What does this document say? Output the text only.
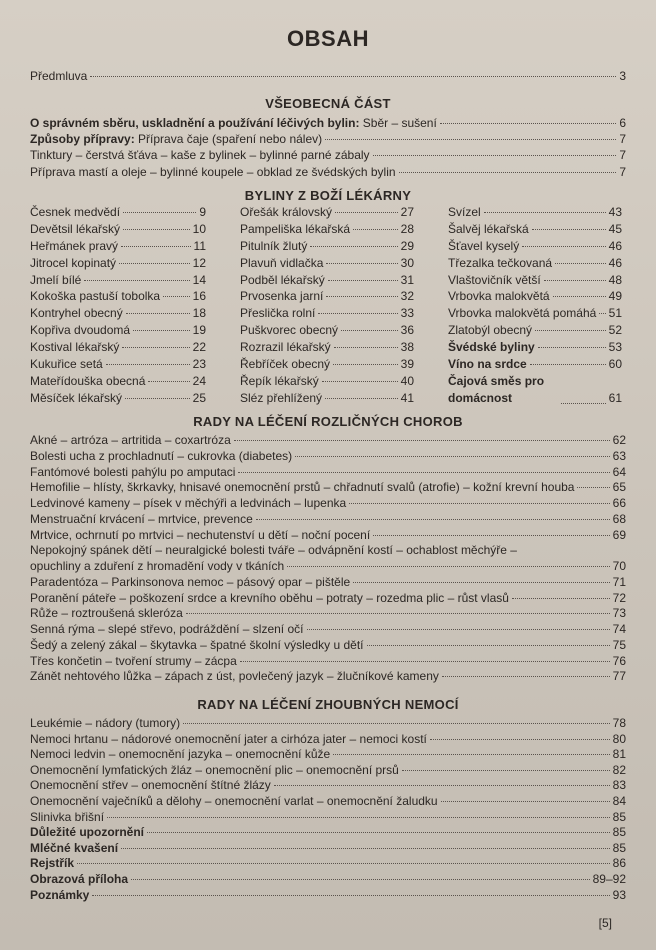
OBSAH
Předmluva	3
VŠEOBECNÁ ČÁST
O správném sběru, uskladnění a používání léčivých bylin: Sběr – sušení	6
Způsoby přípravy: Příprava čaje (spaření nebo nálev)	7
Tinktury – čerstvá šťáva – kaše z bylinek – bylinné parné zábaly	7
Příprava mastí a oleje – bylinné koupele – obklad ze švédských bylin	7
BYLINY Z BOŽÍ LÉKÁRNY
Česnek medvědí	9
Devětsil lékařský	10
Heřmánek pravý	11
Jitrocel kopinatý	12
Jmelí bílé	14
Kokoška pastuší tobolka	16
Kontryhel obecný	18
Kopřiva dvoudomá	19
Kostival lékařský	22
Kukuřice setá	23
Mateřídouška obecná	24
Měsíček lékařský	25
Ořešák královský	27
Pampeliška lékařská	28
Pitulník žlutý	29
Plavuň vidlačka	30
Podběl lékařský	31
Prvosenka jarní	32
Přeslička rolní	33
Puškvorec obecný	36
Rozrazil lékařský	38
Řebříček obecný	39
Řepík lékařský	40
Sléz přehlížený	41
Svízel	43
Šalvěj lékařská	45
Šťavel kyselý	46
Třezalka tečkovaná	46
Vlaštovičník větší	48
Vrbovka malokvětá	49
Vrbovka malokvětá pomáhá 51
Zlatobýl obecný	52
Švédské byliny	53
Víno na srdce	60
Čajová směs pro domácnost	61
RADY NA LÉČENÍ ROZLIČNÝCH CHOROB
Akné – artróza – artritida – coxartróza	62
Bolesti ucha z prochladnutí – cukrovka (diabetes)	63
Fantómové bolesti pahýlu po amputaci	64
Hemofilie – hlísty, škrkavky, hnisavé onemocnění prstů – chřadnutí svalů (atrofie) – kožní krevní houba	65
Ledvinové kameny – písek v měchýři a ledvinách – lupenka	66
Menstruační krvácení – mrtvice, prevence	68
Mrtvice, ochrnutí po mrtvici – nechutenství u dětí – noční pocení	69
Nepokojný spánek dětí – neuralgické bolesti tváře – odvápnění kostí – ochablost měchýře –
opuchliny a zduření z hromadění vody v tkáních	70
Paradentóza – Parkinsonova nemoc – pásový opar – pištěle	71
Poranění páteře – poškození srdce a krevního oběhu – potraty – rozedma plic – růst vlasů	72
Růže – roztroušená skleróza	73
Senná rýma – slepé střevo, podráždění – slzení očí	74
Šedý a zelený zákal – škytavka – špatné školní výsledky u dětí	75
Třes končetin – tvoření strumy – zácpa	76
Zánět nehtového lůžka – zápach z úst, povlečený jazyk – žlučníkové kameny	77
RADY NA LÉČENÍ ZHOUBNÝCH NEMOCÍ
Leukémie – nádory (tumory)	78
Nemoci hrtanu – nádorové onemocnění jater a cirhóza jater – nemoci kostí	80
Nemoci ledvin – onemocnění jazyka – onemocnění kůže	81
Onemocnění lymfatických žláz – onemocnění plic – onemocnění prsů	82
Onemocnění střev – onemocnění štítné žlázy	83
Onemocnění vaječníků a dělohy – onemocnění varlat – onemocnění žaludku	84
Slinivka břišní	85
Důležité upozornění	85
Mléčné kvašení	85
Rejstřík	86
Obrazová příloha	89–92
Poznámky	93
[5]
